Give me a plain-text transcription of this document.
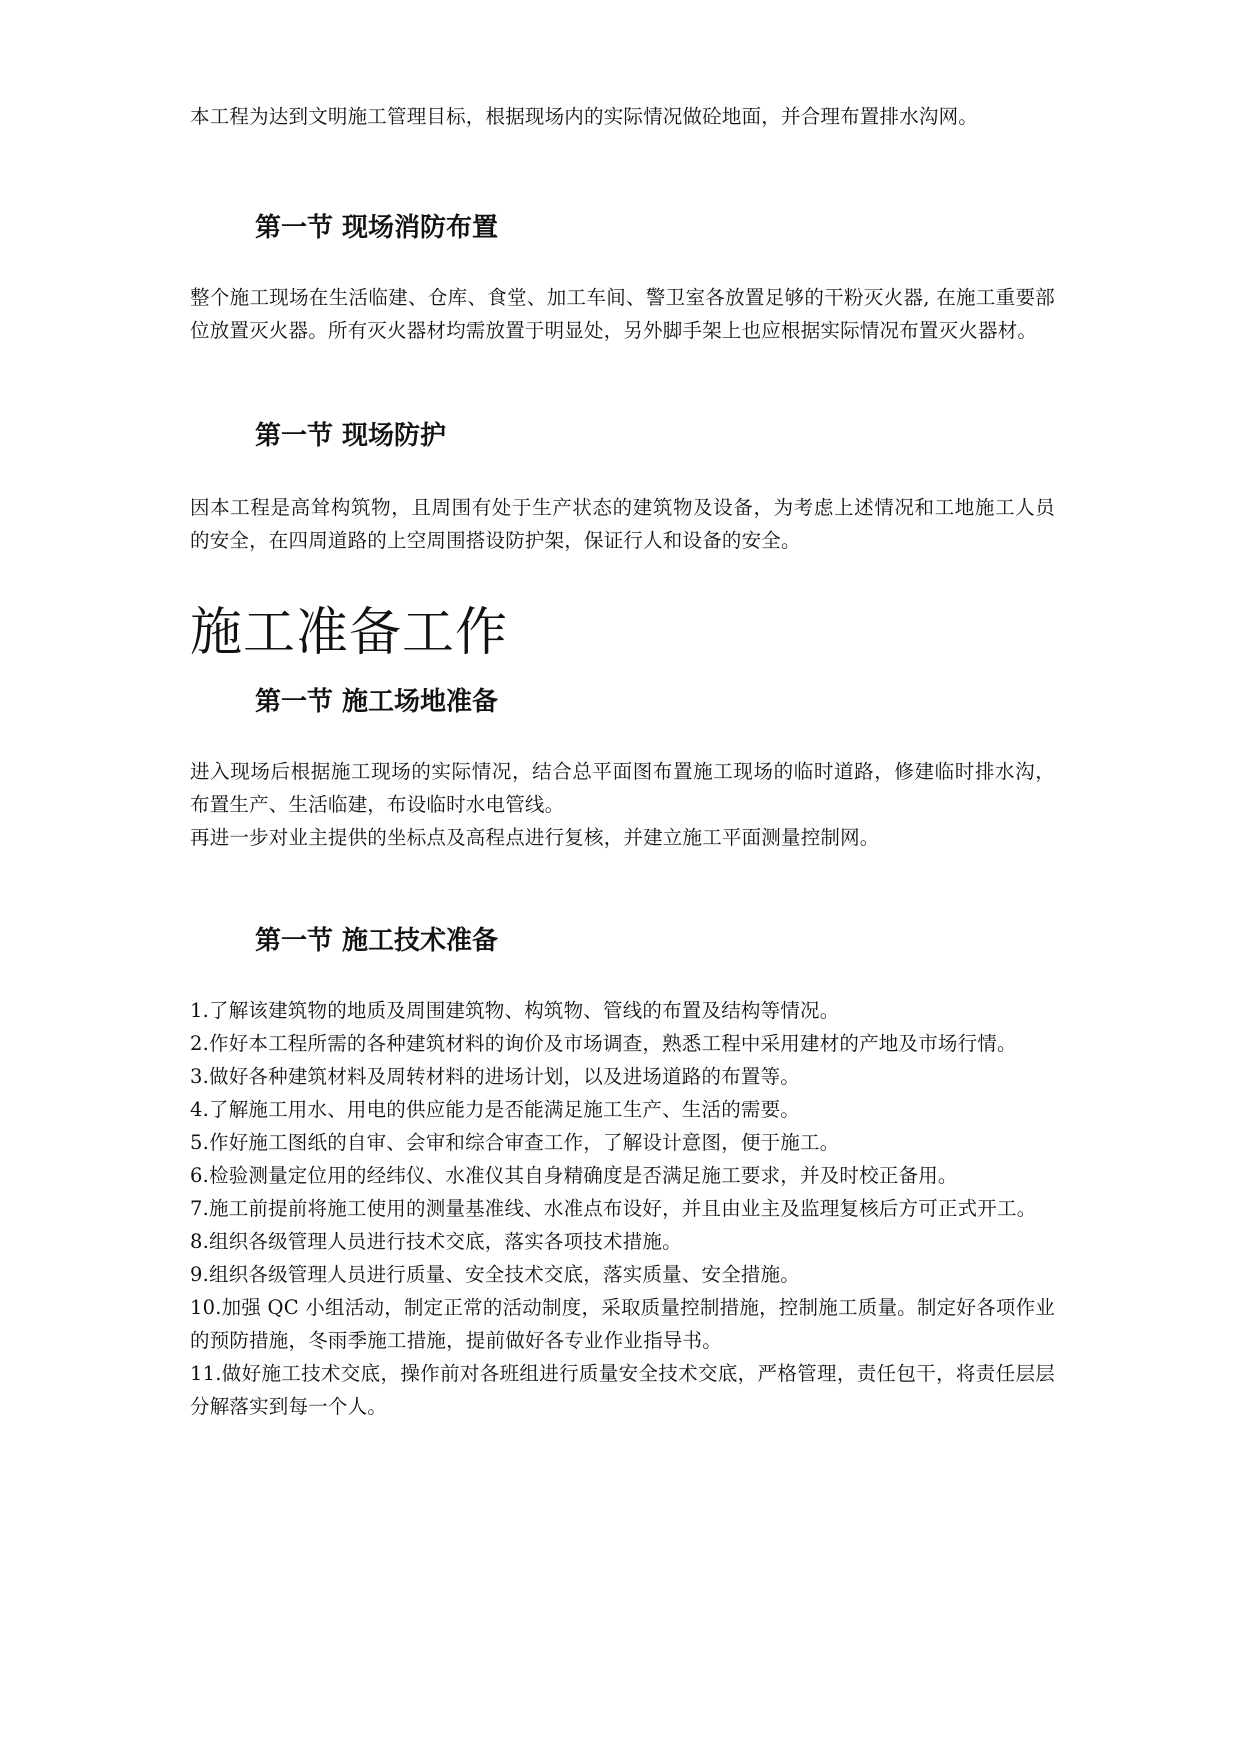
本工程为达到文明施工管理目标，根据现场内的实际情况做砼地面，并合理布置排水沟网。

第一节 现场消防布置

整个施工现场在生活临建、仓库、食堂、加工车间、警卫室各放置足够的干粉灭火器, 在施工重要部位放置灭火器。所有灭火器材均需放置于明显处，另外脚手架上也应根据实际情况布置灭火器材。

第一节 现场防护

因本工程是高耸构筑物，且周围有处于生产状态的建筑物及设备，为考虑上述情况和工地施工人员的安全，在四周道路的上空周围搭设防护架，保证行人和设备的安全。

施工准备工作
第一节 施工场地准备

进入现场后根据施工现场的实际情况，结合总平面图布置施工现场的临时道路，修建临时排水沟，布置生产、生活临建，布设临时水电管线。

再进一步对业主提供的坐标点及高程点进行复核，并建立施工平面测量控制网。

第一节 施工技术准备
1.了解该建筑物的地质及周围建筑物、构筑物、管线的布置及结构等情况。
2.作好本工程所需的各种建筑材料的询价及市场调查，熟悉工程中采用建材的产地及市场行情。
3.做好各种建筑材料及周转材料的进场计划，以及进场道路的布置等。
4.了解施工用水、用电的供应能力是否能满足施工生产、生活的需要。
5.作好施工图纸的自审、会审和综合审查工作，了解设计意图，便于施工。
6.检验测量定位用的经纬仪、水准仪其自身精确度是否满足施工要求，并及时校正备用。
7.施工前提前将施工使用的测量基准线、水准点布设好，并且由业主及监理复核后方可正式开工。
8.组织各级管理人员进行技术交底，落实各项技术措施。
9.组织各级管理人员进行质量、安全技术交底，落实质量、安全措施。
10.加强 QC 小组活动，制定正常的活动制度，采取质量控制措施，控制施工质量。制定好各项作业的预防措施，冬雨季施工措施，提前做好各专业作业指导书。
11.做好施工技术交底，操作前对各班组进行质量安全技术交底，严格管理，责任包干，将责任层层分解落实到每一个人。
